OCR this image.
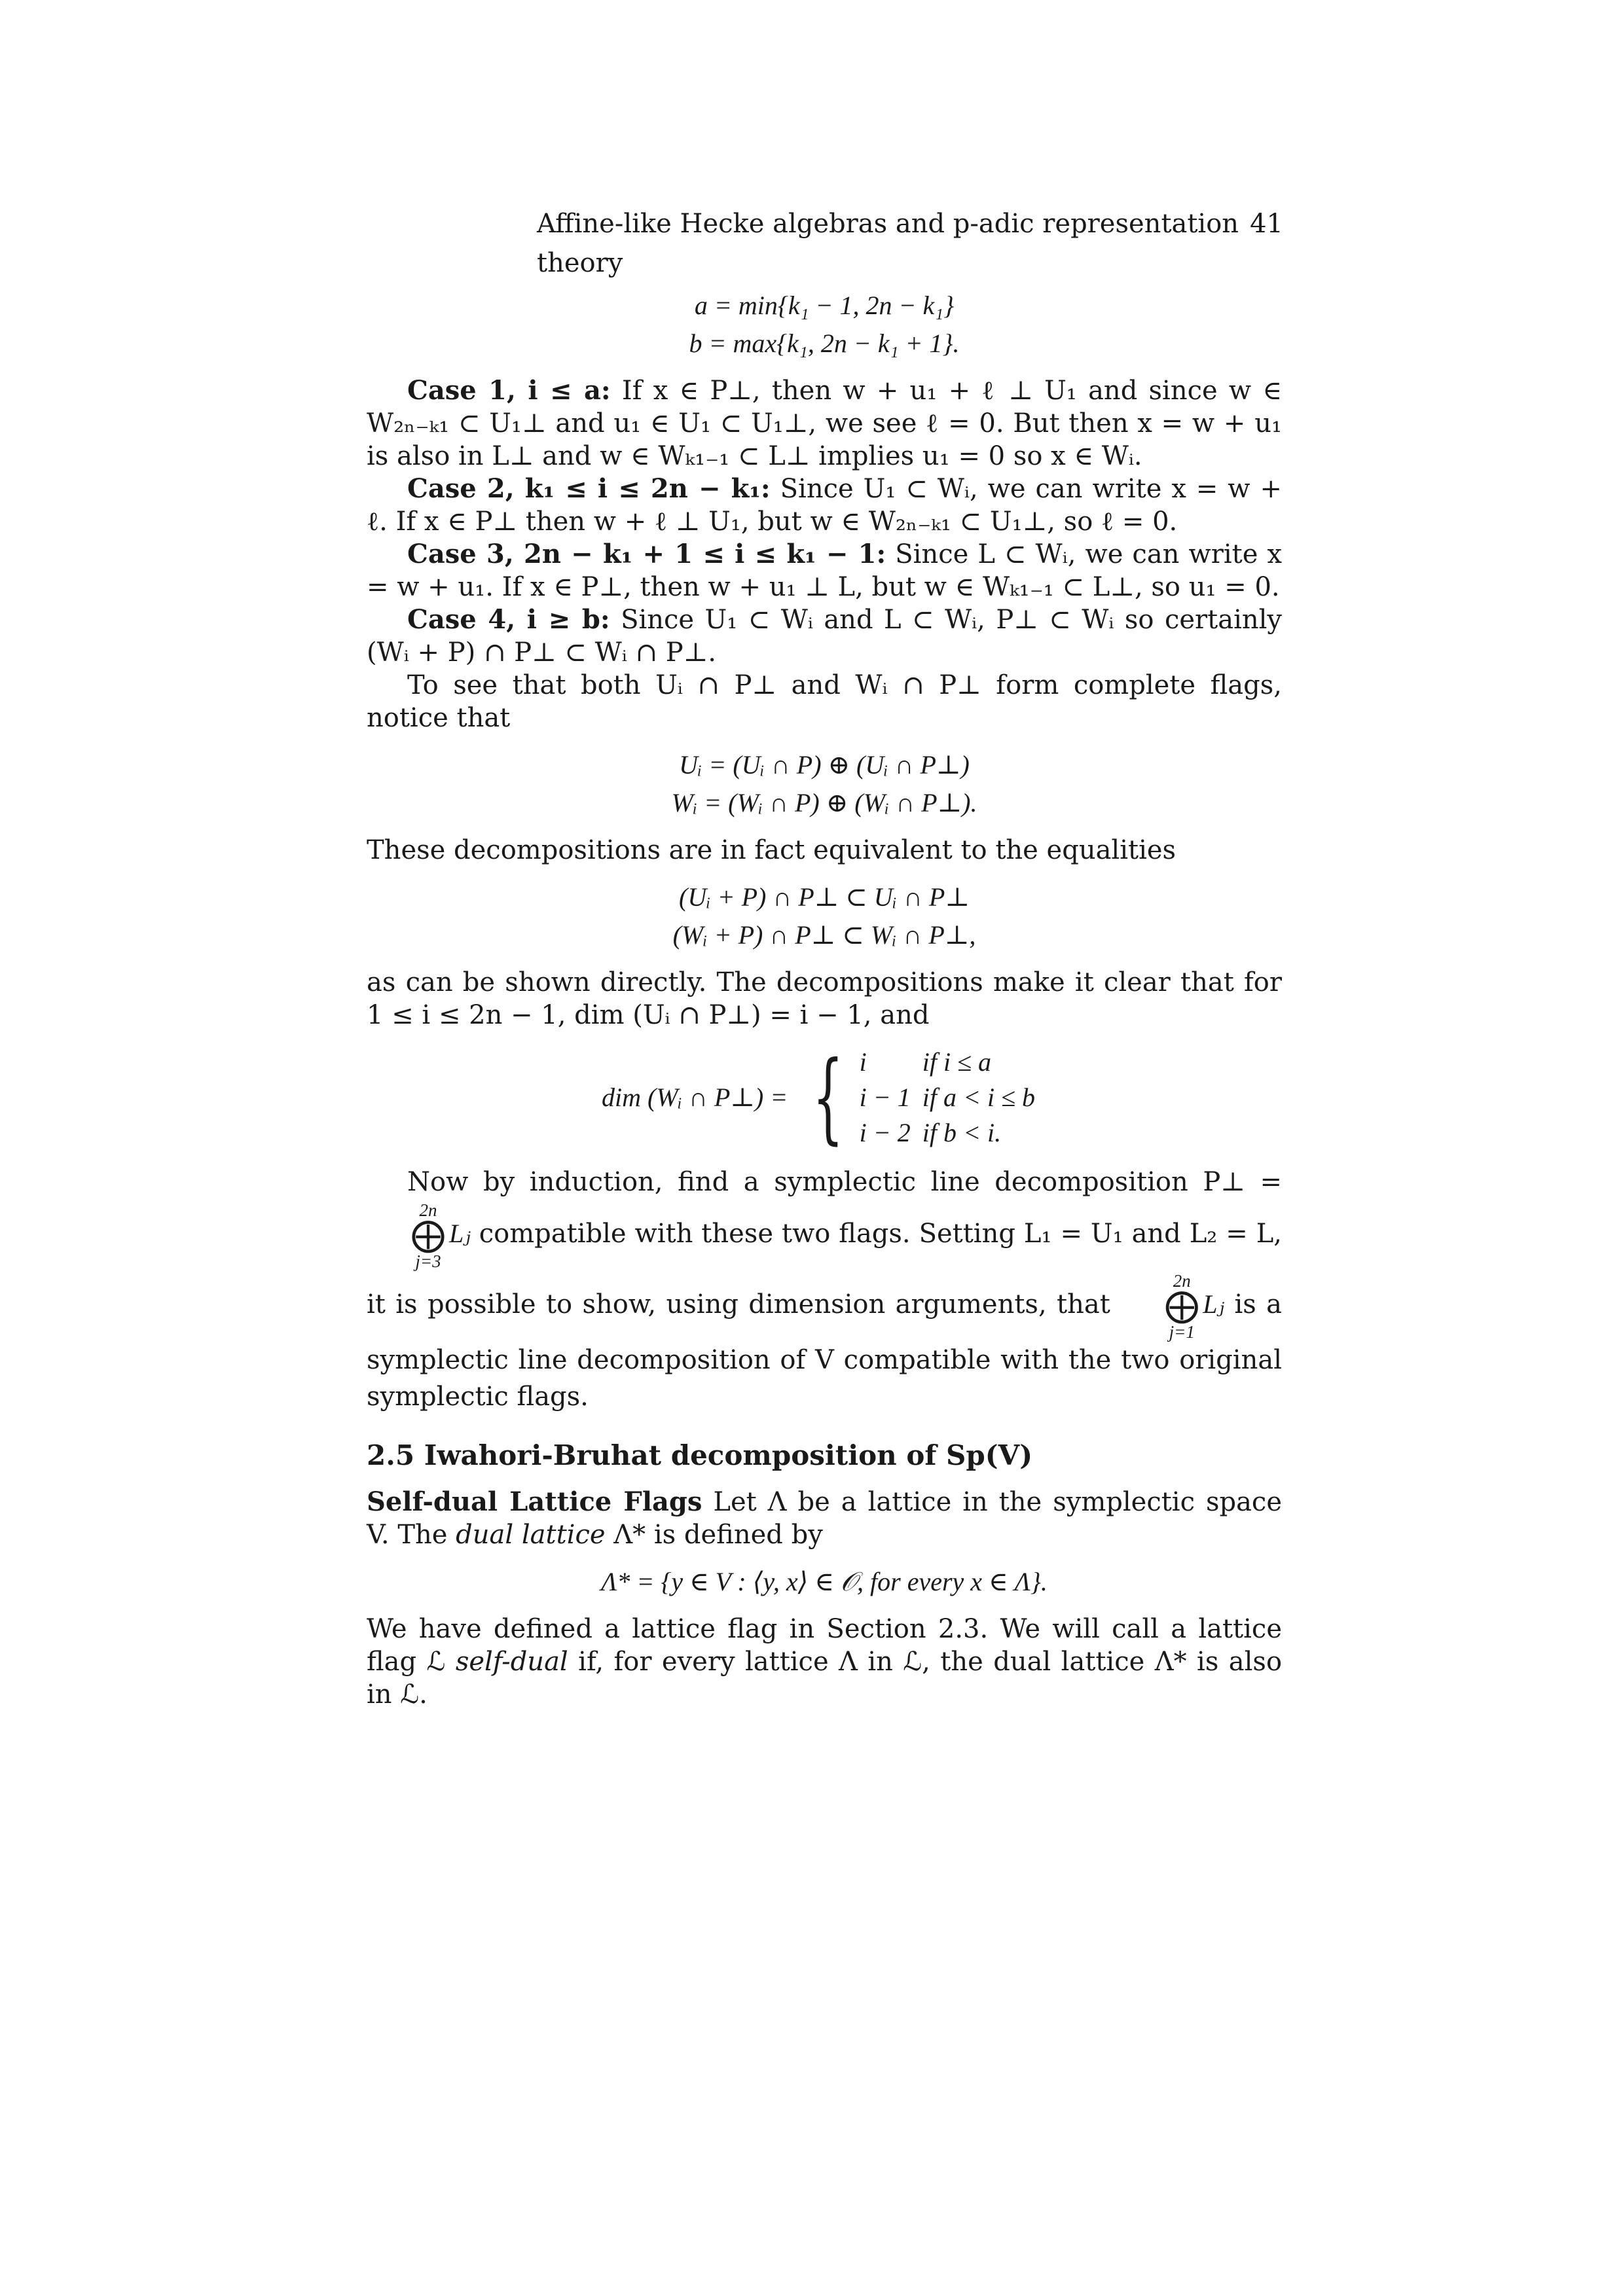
Affine-like Hecke algebras and p-adic representation theory
41
a = min{k₁ − 1, 2n − k₁}
b = max{k₁, 2n − k₁ + 1}.

Case 1, i ≤ a: If x ∈ P⊥, then w + u₁ + ℓ ⊥ U₁ and since w ∈ W₂ₙ₋ₖ₁ ⊂ U₁⊥ and u₁ ∈ U₁ ⊂ U₁⊥, we see ℓ = 0. But then x = w + u₁ is also in L⊥ and w ∈ Wₖ₁₋₁ ⊂ L⊥ implies u₁ = 0 so x ∈ Wᵢ.

Case 2, k₁ ≤ i ≤ 2n − k₁: Since U₁ ⊂ Wᵢ, we can write x = w + ℓ. If x ∈ P⊥ then w + ℓ ⊥ U₁, but w ∈ W₂ₙ₋ₖ₁ ⊂ U₁⊥, so ℓ = 0.

Case 3, 2n − k₁ + 1 ≤ i ≤ k₁ − 1: Since L ⊂ Wᵢ, we can write x = w + u₁. If x ∈ P⊥, then w + u₁ ⊥ L, but w ∈ Wₖ₁₋₁ ⊂ L⊥, so u₁ = 0.

Case 4, i ≥ b: Since U₁ ⊂ Wᵢ and L ⊂ Wᵢ, P⊥ ⊂ Wᵢ so certainly (Wᵢ + P) ∩ P⊥ ⊂ Wᵢ ∩ P⊥.

To see that both Uᵢ ∩ P⊥ and Wᵢ ∩ P⊥ form complete flags, notice that

Uᵢ = (Uᵢ ∩ P) ⊕ (Uᵢ ∩ P⊥)
Wᵢ = (Wᵢ ∩ P) ⊕ (Wᵢ ∩ P⊥).

These decompositions are in fact equivalent to the equalities

(Uᵢ + P) ∩ P⊥ ⊂ Uᵢ ∩ P⊥
(Wᵢ + P) ∩ P⊥ ⊂ Wᵢ ∩ P⊥,

as can be shown directly. The decompositions make it clear that for 1 ≤ i ≤ 2n − 1, dim (Uᵢ ∩ P⊥) = i − 1, and

dim (Wᵢ ∩ P⊥) = { i	if i ≤ a
i − 1	if a < i ≤ b
i − 2	if b < i.

Now by induction, find a symplectic line decomposition P⊥ =
2n
⨁
j=3
Lⱼ compatible with these two flags. Setting L₁ = U₁ and L₂ = L, it is possible to show, using dimension arguments, that
2n
⨁
j=1
Lⱼ is a symplectic line decomposition of V compatible with the two original symplectic flags.

2.5 Iwahori-Bruhat decomposition of Sp(V)

Self-dual Lattice Flags Let Λ be a lattice in the symplectic space V. The dual lattice Λ* is defined by

Λ* = {y ∈ V : ⟨y, x⟩ ∈ 𝒪, for every x ∈ Λ}.

We have defined a lattice flag in Section 2.3. We will call a lattice flag ℒ self-dual if, for every lattice Λ in ℒ, the dual lattice Λ* is also in ℒ.
